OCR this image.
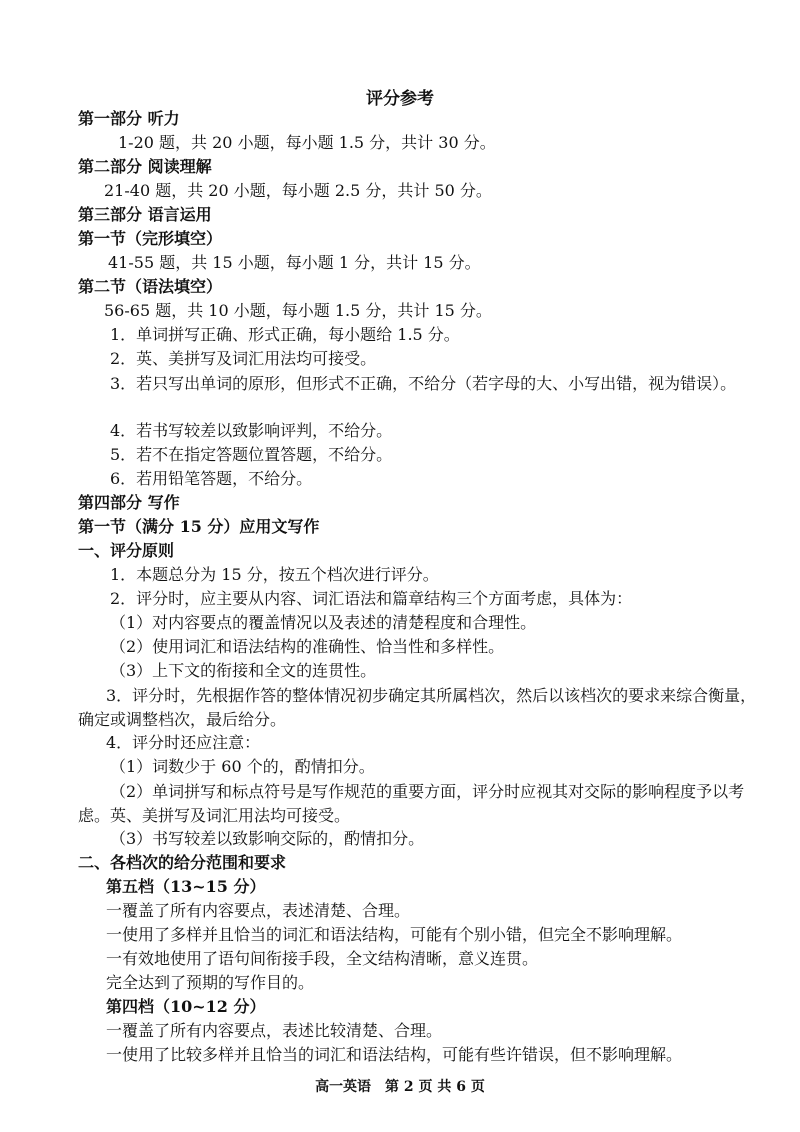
评分参考
第一部分 听力
1-20 题，共 20 小题，每小题 1.5 分，共计 30 分。
第二部分 阅读理解
21-40 题，共 20 小题，每小题 2.5 分，共计 50 分。
第三部分 语言运用
第一节（完形填空）
41-55 题，共 15 小题，每小题 1 分，共计 15 分。
第二节（语法填空）
56-65 题，共 10 小题，每小题 1.5 分，共计 15 分。
1．单词拼写正确、形式正确，每小题给 1.5 分。
2．英、美拼写及词汇用法均可接受。
3．若只写出单词的原形，但形式不正确，不给分（若字母的大、小写出错，视为错误）。
4．若书写较差以致影响评判，不给分。
5．若不在指定答题位置答题，不给分。
6．若用铅笔答题，不给分。
第四部分 写作
第一节（满分 15 分）应用文写作
一、评分原则
1．本题总分为 15 分，按五个档次进行评分。
2．评分时，应主要从内容、词汇语法和篇章结构三个方面考虑，具体为：
（1）对内容要点的覆盖情况以及表述的清楚程度和合理性。
（2）使用词汇和语法结构的准确性、恰当性和多样性。
（3）上下文的衔接和全文的连贯性。
3．评分时，先根据作答的整体情况初步确定其所属档次，然后以该档次的要求来综合衡量，确定或调整档次，最后给分。
4．评分时还应注意：
（1）词数少于 60 个的，酌情扣分。
（2）单词拼写和标点符号是写作规范的重要方面，评分时应视其对交际的影响程度予以考虑。英、美拼写及词汇用法均可接受。
（3）书写较差以致影响交际的，酌情扣分。
二、各档次的给分范围和要求
第五档（13~15 分）
一覆盖了所有内容要点，表述清楚、合理。
一使用了多样并且恰当的词汇和语法结构，可能有个别小错，但完全不影响理解。
一有效地使用了语句间衔接手段，全文结构清晰，意义连贯。
完全达到了预期的写作目的。
第四档（10~12 分）
一覆盖了所有内容要点，表述比较清楚、合理。
一使用了比较多样并且恰当的词汇和语法结构，可能有些许错误，但不影响理解。
高一英语　第 2 页 共 6 页
